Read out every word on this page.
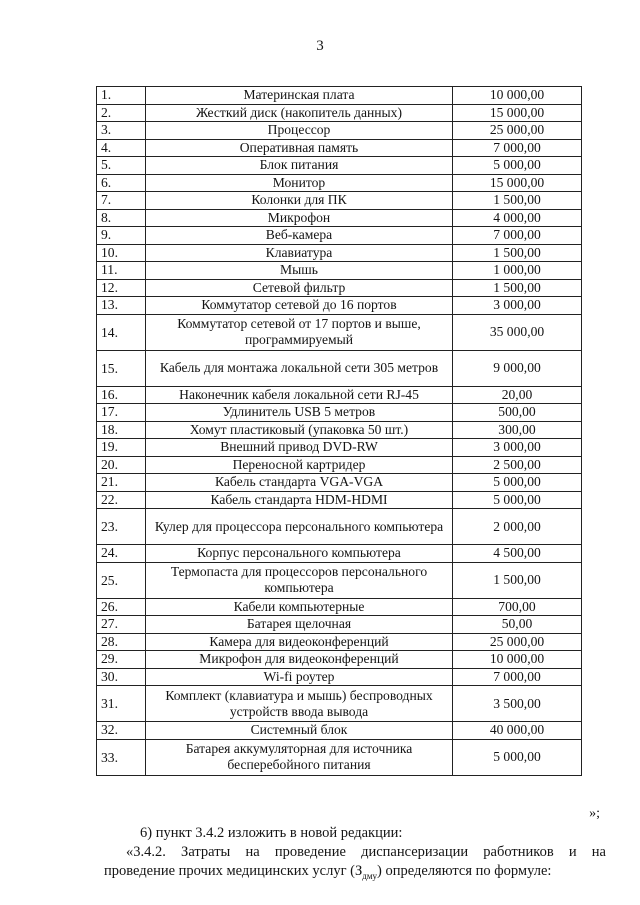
3
1.	Материнская плата	10 000,00
2.	Жесткий диск (накопитель данных)	15 000,00
3.	Процессор	25 000,00
4.	Оперативная память	7 000,00
5.	Блок питания	5 000,00
6.	Монитор	15 000,00
7.	Колонки для ПК	1 500,00
8.	Микрофон	4 000,00
9.	Веб-камера	7 000,00
10.	Клавиатура	1 500,00
11.	Мышь	1 000,00
12.	Сетевой фильтр	1 500,00
13.	Коммутатор сетевой до 16 портов	3 000,00
14.	Коммутатор сетевой от 17 портов и выше, программируемый	35 000,00
15.	Кабель для монтажа локальной сети 305 метров	9 000,00
16.	Наконечник кабеля локальной сети RJ-45	20,00
17.	Удлинитель USB 5 метров	500,00
18.	Хомут пластиковый (упаковка 50 шт.)	300,00
19.	Внешний привод DVD-RW	3 000,00
20.	Переносной картридер	2 500,00
21.	Кабель стандарта VGA-VGA	5 000,00
22.	Кабель стандарта HDM-HDMI	5 000,00
23.	Кулер для процессора персонального компьютера	2 000,00
24.	Корпус персонального компьютера	4 500,00
25.	Термопаста для процессоров персонального компьютера	1 500,00
26.	Кабели компьютерные	700,00
27.	Батарея щелочная	50,00
28.	Камера для видеоконференций	25 000,00
29.	Микрофон для видеоконференций	10 000,00
30.	Wi-fi роутер	7 000,00
31.	Комплект (клавиатура и мышь) беспроводных устройств ввода вывода	3 500,00
32.	Системный блок	40 000,00
33.	Батарея аккумуляторная для источника бесперебойного питания	5 000,00
»;
6) пункт 3.4.2 изложить в новой редакции:
«3.4.2. Затраты на проведение диспансеризации работников и на
проведение прочих медицинских услуг $(З_{дму})$ определяются по формуле:
